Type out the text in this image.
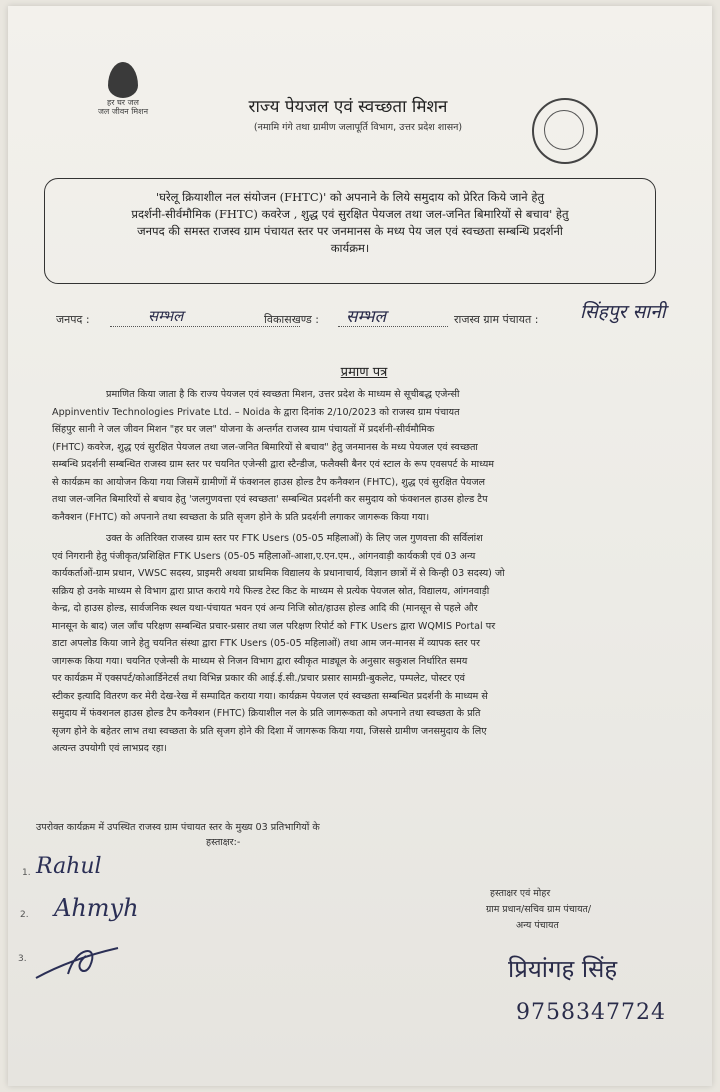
हर घर जल
जल जीवन मिशन	राज्य पेयजल एवं स्वच्छता मिशन
(नमामि गंगे तथा ग्रामीण जलापूर्ति विभाग, उत्तर प्रदेश शासन)
'घरेलू क्रियाशील नल संयोजन (FHTC)' को अपनाने के लिये समुदाय को प्रेरित किये जाने हेतु
प्रदर्शनी-सीर्वमौमिक (FHTC) कवरेज , शुद्ध एवं सुरक्षित पेयजल तथा जल-जनित बिमारियों से बचाव' हेतु
जनपद की समस्त राजस्व ग्राम पंचायत स्तर पर जनमानस के मध्य पेय जल एवं स्वच्छता सम्बन्धि प्रदर्शनी
कार्यक्रम।
जनपद :	सम्भल	विकासखण्ड : सम्भल	राजस्व ग्राम पंचायत : सिंहपुर सानी
प्रमाण पत्र
प्रमाणित किया जाता है कि राज्य पेयजल एवं स्वच्छता मिशन, उत्तर प्रदेश के माध्यम से सूचीबद्ध एजेन्सी
Appinventiv Technologies Private Ltd. – Noida के द्वारा दिनांक 2/10/2023 को राजस्व ग्राम पंचायत
सिंहपुर सानी ने जल जीवन मिशन "हर घर जल" योजना के अन्तर्गत राजस्व ग्राम पंचायतों में प्रदर्शनी-सीर्वमौमिक
(FHTC) कवरेज, शुद्ध एवं सुरक्षित पेयजल तथा जल-जनित बिमारियों से बचाव" हेतु जनमानस के मध्य पेयजल एवं स्वच्छता
सम्बन्धि प्रदर्शनी सम्बन्धित राजस्व ग्राम स्तर पर चयनित एजेन्सी द्वारा स्टैन्डीज, फलैक्सी बैनर एवं स्टाल के रूप एवसपर्ट के माध्यम
से कार्यक्रम का आयोजन किया गया जिसमें ग्रामीणों में फंक्शनल हाउस होल्ड टैप कनैक्शन (FHTC), शुद्ध एवं सुरक्षित पेयजल
तथा जल-जनित बिमारियों से बचाव हेतु 'जलगुणवत्ता एवं स्वच्छता' सम्बन्धित प्रदर्शनी कर समुदाय को फंक्शनल हाउस होल्ड टैप
कनैक्शन (FHTC) को अपनाने तथा स्वच्छता के प्रति सृजग होने के प्रति प्रदर्शनी लगाकर जागरूक किया गया।
उक्त के अतिरिक्त राजस्व ग्राम स्तर पर FTK Users (05-05 महिलाओं) के लिए जल गुणवत्ता की सर्विलांश
एवं निगरानी हेतु पंजीकृत/प्रशिक्षित FTK Users (05-05 महिलाओं-आशा,ए.एन.एम., आंगनवाड़ी कार्यकत्री एवं 03 अन्य
कार्यकर्ताओं-ग्राम प्रधान, VWSC सदस्य, प्राइमरी अथवा प्राथमिक विद्यालय के प्रधानाचार्य, विज्ञान छात्रों में से किन्ही 03 सदस्य) जो
सक्रिय हो उनके माध्यम से विभाग द्वारा प्राप्त कराये गये फिल्ड टेस्ट किट के माध्यम से प्रत्येक पेयजल स्रोत, विद्यालय, आंगनवाड़ी
केन्द्र, दो हाउस होल्ड, सार्वजनिक स्थल यथा-पंचायत भवन एवं अन्य निजि स्रोत/हाउस होल्ड आदि की (मानसून से पहले और
मानसून के बाद) जल जाँच परिक्षण सम्बन्धित प्रचार-प्रसार तथा जल परिक्षण रिपोर्ट को FTK Users द्वारा WQMIS Portal पर
डाटा अपलोड किया जाने हेतु चयनित संस्था द्वारा FTK Users (05-05 महिलाओं) तथा आम जन-मानस में व्यापक स्तर पर
जागरूक किया गया। चयनित एजेन्सी के माध्यम से निजन विभाग द्वारा स्वीकृत माड्यूल के अनुसार सकुशल निर्धारित समय
पर कार्यक्रम में एक्सपर्ट/कोआर्डिनेटर्स तथा विभिन्न प्रकार की आई.ई.सी./प्रचार प्रसार सामग्री-बुकलेट, पम्पलेट, पोस्टर एवं
स्टीकर इत्यादि वितरण कर मेरी देख-रेख में सम्पादित कराया गया। कार्यक्रम पेयजल एवं स्वच्छता सम्बन्धित प्रदर्शनी के माध्यम से
समुदाय में फंक्शनल हाउस होल्ड टैप कनैक्शन (FHTC) क्रियाशील नल के प्रति जागरूकता को अपनाने तथा स्वच्छता के प्रति
सृजग होने के बहेतर लाभ तथा स्वच्छता के प्रति सृजग होने की दिशा में जागरूक किया गया, जिससे ग्रामीण जनसमुदाय के लिए
अत्यन्त उपयोगी एवं लाभप्रद रहा।
उपरोक्त कार्यक्रम में उपस्थित राजस्व ग्राम पंचायत स्तर के मुख्य 03 प्रतिभागियों के
हस्ताक्षर:-
1. Rahul
2. Ahmyh
3.
हस्ताक्षर एवं मोहर
ग्राम प्रधान/सचिव ग्राम पंचायत/
अन्य पंचायत
प्रियांगह सिंह
9758347724
